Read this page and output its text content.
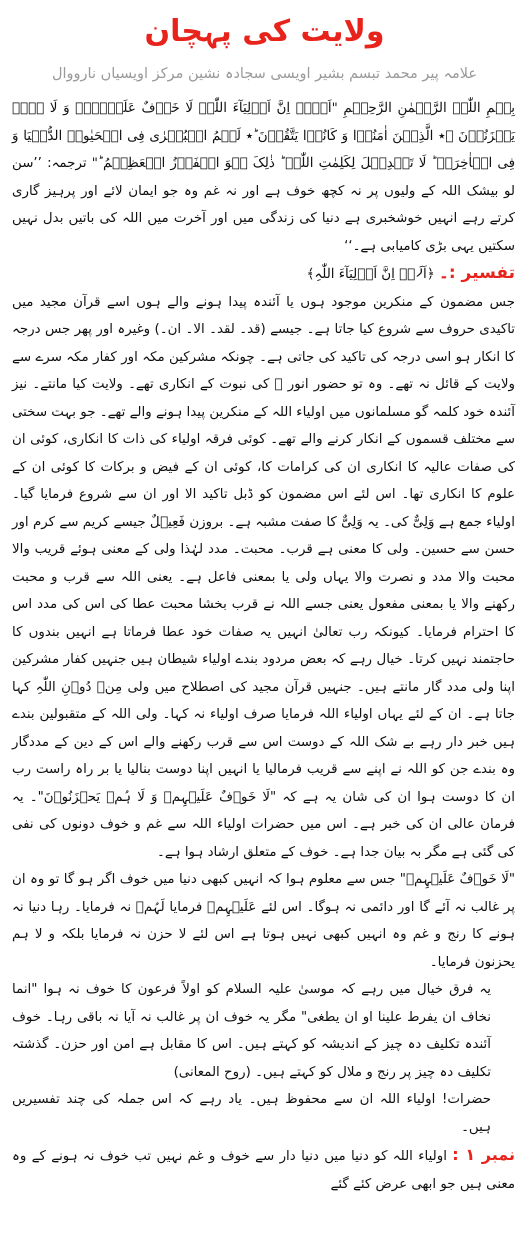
ولایت کی پہچان
علامہ پیر محمد تبسم بشیر اویسی سجادہ نشین مرکز اویسیاں نارووال

بِسۡمِ اللّٰہِ الرَّحۡمٰنِ الرَّحِیۡمِ "اَلَاۤ اِنَّ اَوۡلِیَآءَ اللّٰہِ لَا خَوۡفٌ عَلَیۡہِمۡ وَ لَا ہُمۡ یَحۡزَنُوۡنَ ۚ٭ الَّذِیۡنَ اٰمَنُوۡا وَ کَانُوۡا یَتَّقُوۡنَ ؕ٭ لَہُمُ الۡبُشۡرٰی فِی الۡحَیٰوۃِ الدُّنۡیَا وَ فِی الۡاٰخِرَۃِ ؕ لَا تَبۡدِیۡلَ لِکَلِمٰتِ اللّٰہِ ؕ ذٰلِکَ ہُوَ الۡفَوۡزُ الۡعَظِیۡمُ ؕ" ترجمہ: ’’سن لو بیشک اللہ کے ولیوں پر نہ کچھ خوف ہے اور نہ غم وہ جو ایمان لائے اور پرہیز گاری کرتے رہے انہیں خوشخبری ہے دنیا کی زندگی میں اور آخرت میں اللہ کی باتیں بدل نہیں سکتیں یہی بڑی کامیابی ہے۔‘‘

تفسیر :۔ ﴿اَلَاۤ اِنَّ اَوۡلِیَآءَ اللّٰہِ﴾

جس مضمون کے منکرین موجود ہوں یا آئندہ پیدا ہونے والے ہوں اسے قرآن مجید میں تاکیدی حروف سے شروع کیا جاتا ہے۔ جیسے (قد۔ لقد۔ الا۔ ان۔) وغیرہ اور پھر جس درجہ کا انکار ہو اسی درجہ کی تاکید کی جاتی ہے۔ چونکہ مشرکین مکہ اور کفار مکہ سرے سے ولایت کے قائل نہ تھے۔ وہ تو حضور انور ﷺ کی نبوت کے انکاری تھے۔ ولایت کیا مانتے۔ نیز آئندہ خود کلمہ گو مسلمانوں میں اولیاء اللہ کے منکرین پیدا ہونے والے تھے۔ جو بہت سختی سے مختلف قسموں کے انکار کرنے والے تھے۔ کوئی فرقہ اولیاء کی ذات کا انکاری، کوئی ان کی صفات عالیہ کا انکاری ان کی کرامات کا، کوئی ان کے فیض و برکات کا کوئی ان کے علوم کا انکاری تھا۔ اس لئے اس مضمون کو ڈبل تاکید الا اور ان سے شروع فرمایا گیا۔ اولیاء جمع ہے وَلِیٌّ کی۔ یہ وَلِیٌّ کا صفت مشبہ ہے۔ بروزن فَعِیۡلٌ جیسے کریم سے کرم اور حسن سے حسین۔ ولی کا معنی ہے قرب۔ محبت۔ مدد لہٰذا ولی کے معنی ہوئے قریب والا محبت والا مدد و نصرت والا یہاں ولی یا بمعنی فاعل ہے۔ یعنی اللہ سے قرب و محبت رکھنے والا یا بمعنی مفعول یعنی جسے اللہ نے قرب بخشا محبت عطا کی اس کی مدد اس کا احترام فرمایا۔ کیونکہ رب تعالیٰ انہیں یہ صفات خود عطا فرماتا ہے انہیں بندوں کا حاجتمند نہیں کرتا۔ خیال رہے کہ بعض مردود بندے اولیاء شیطان ہیں جنہیں کفار مشرکین اپنا ولی مدد گار مانتے ہیں۔ جنہیں قرآن مجید کی اصطلاح میں ولی مِنۡ دُوۡنِ اللّٰہِ کہا جاتا ہے۔ ان کے لئے یہاں اولیاء اللہ فرمایا صرف اولیاء نہ کہا۔ ولی اللہ کے متقبولین بندے ہیں خبر دار رہے بے شک اللہ کے دوست اس سے قرب رکھنے والے اس کے دین کے مددگار وہ بندے جن کو اللہ نے اپنے سے قریب فرمالیا یا انہیں اپنا دوست بنالیا یا بر راہ راست رب ان کا دوست ہوا ان کی شان یہ ہے کہ "لَا خَوۡفٌ عَلَیۡہِمۡ وَ لَا ہُمۡ یَحۡزَنُوۡنَ"۔ یہ فرمان عالی ان کی خبر ہے۔ اس میں حضرات اولیاء اللہ سے غم و خوف دونوں کی نفی کی گئی ہے مگر بہ بیان جدا ہے۔ خوف کے متعلق ارشاد ہوا ہے۔

"لَا خَوۡفٌ عَلَیۡہِمۡ" جس سے معلوم ہوا کہ انہیں کبھی دنیا میں خوف اگر ہو گا تو وہ ان پر غالب نہ آئے گا اور دائمی نہ ہوگا۔ اس لئے عَلَیۡہِمۡ فرمایا لَہُمۡ نہ فرمایا۔ رہا دنیا نہ ہونے کا رنج و غم وہ انہیں کبھی نہیں ہوتا ہے اس لئے لا حزن نہ فرمایا بلکہ و لا ہم یحزنون فرمایا۔

یہ فرق خیال میں رہے کہ موسیٰ علیہ السلام کو اولاً فرعون کا خوف نہ ہوا "انما نخاف ان یفرط علینا او ان یطغی" مگر یہ خوف ان پر غالب نہ آیا نہ باقی رہا۔ خوف آئندہ تکلیف دہ چیز کے اندیشہ کو کہتے ہیں۔ اس کا مقابل ہے امن اور حزن۔ گذشتہ تکلیف دہ چیز پر رنج و ملال کو کہتے ہیں۔ (روح المعانی)

حضرات! اولیاء اللہ ان سے محفوظ ہیں۔ یاد رہے کہ اس جملہ کی چند تفسیریں ہیں۔

نمبر ۱ : اولیاء اللہ کو دنیا میں دنیا دار سے خوف و غم نہیں تب خوف نہ ہونے کے وہ معنی ہیں جو ابھی عرض کئے گئے
